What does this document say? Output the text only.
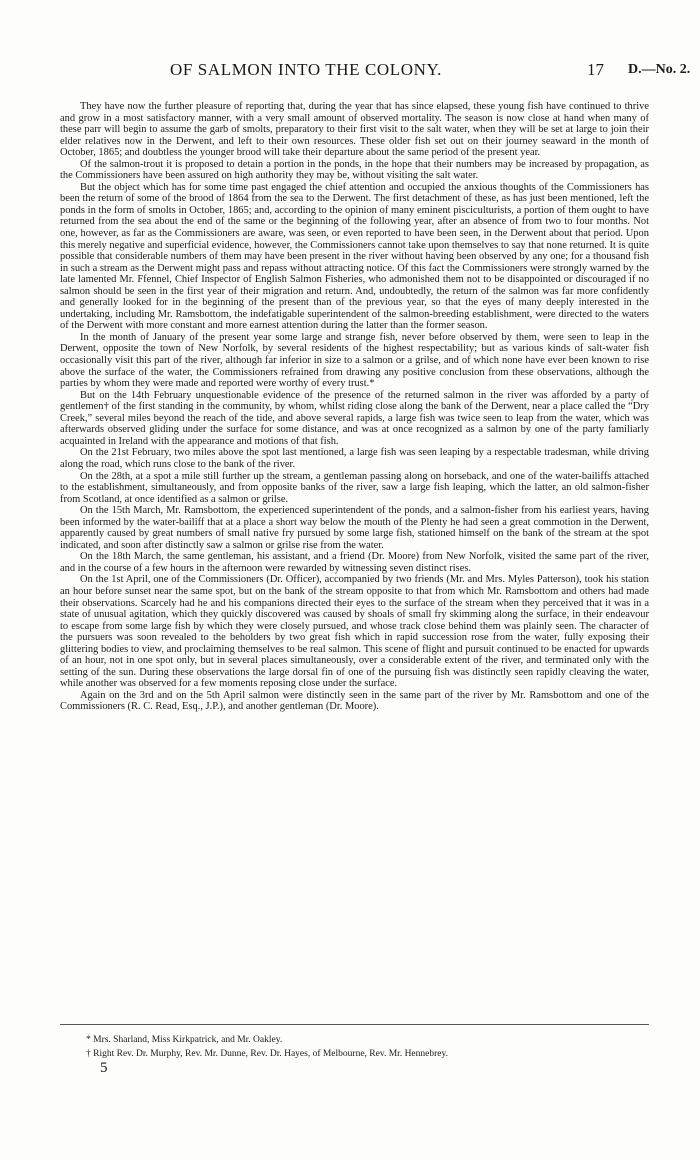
OF SALMON INTO THE COLONY.	17 D.—No. 2.

They have now the further pleasure of reporting that, during the year that has since elapsed, these young fish have continued to thrive and grow in a most satisfactory manner, with a very small amount of observed mortality. The season is now close at hand when many of these parr will begin to assume the garb of smolts, preparatory to their first visit to the salt water, when they will be set at large to join their elder relatives now in the Derwent, and left to their own resources. These older fish set out on their journey seaward in the month of October, 1865; and doubtless the younger brood will take their departure about the same period of the present year.

Of the salmon-trout it is proposed to detain a portion in the ponds, in the hope that their numbers may be increased by propagation, as the Commissioners have been assured on high authority they may be, without visiting the salt water.

But the object which has for some time past engaged the chief attention and occupied the anxious thoughts of the Commissioners has been the return of some of the brood of 1864 from the sea to the Derwent. The first detachment of these, as has just been mentioned, left the ponds in the form of smolts in October, 1865; and, according to the opinion of many eminent pisciculturists, a portion of them ought to have returned from the sea about the end of the same or the beginning of the following year, after an absence of from two to four months. Not one, however, as far as the Commissioners are aware, was seen, or even reported to have been seen, in the Derwent about that period. Upon this merely negative and superficial evidence, however, the Commissioners cannot take upon themselves to say that none returned. It is quite possible that considerable numbers of them may have been present in the river without having been observed by any one; for a thousand fish in such a stream as the Derwent might pass and repass without attracting notice. Of this fact the Commissioners were strongly warned by the late lamented Mr. Ffennel, Chief Inspector of English Salmon Fisheries, who admonished them not to be disappointed or discouraged if no salmon should be seen in the first year of their migration and return. And, undoubtedly, the return of the salmon was far more confidently and generally looked for in the beginning of the present than of the previous year, so that the eyes of many deeply interested in the undertaking, including Mr. Ramsbottom, the indefatigable superintendent of the salmon-breeding establishment, were directed to the waters of the Derwent with more constant and more earnest attention during the latter than the former season.

In the month of January of the present year some large and strange fish, never before observed by them, were seen to leap in the Derwent, opposite the town of New Norfolk, by several residents of the highest respectability; but as various kinds of salt-water fish occasionally visit this part of the river, although far inferior in size to a salmon or a grilse, and of which none have ever been known to rise above the surface of the water, the Commissioners refrained from drawing any positive conclusion from these observations, although the parties by whom they were made and reported were worthy of every trust.*

But on the 14th February unquestionable evidence of the presence of the returned salmon in the river was afforded by a party of gentlemen† of the first standing in the community, by whom, whilst riding close along the bank of the Derwent, near a place called the “Dry Creek,” several miles beyond the reach of the tide, and above several rapids, a large fish was twice seen to leap from the water, which was afterwards observed gliding under the surface for some distance, and was at once recognized as a salmon by one of the party familiarly acquainted in Ireland with the appearance and motions of that fish.

On the 21st February, two miles above the spot last mentioned, a large fish was seen leaping by a respectable tradesman, while driving along the road, which runs close to the bank of the river.

On the 28th, at a spot a mile still further up the stream, a gentleman passing along on horseback, and one of the water-bailiffs attached to the establishment, simultaneously, and from opposite banks of the river, saw a large fish leaping, which the latter, an old salmon-fisher from Scotland, at once identified as a salmon or grilse.

On the 15th March, Mr. Ramsbottom, the experienced superintendent of the ponds, and a salmon-fisher from his earliest years, having been informed by the water-bailiff that at a place a short way below the mouth of the Plenty he had seen a great commotion in the Derwent, apparently caused by great numbers of small native fry pursued by some large fish, stationed himself on the bank of the stream at the spot indicated, and soon after distinctly saw a salmon or grilse rise from the water.

On the 18th March, the same gentleman, his assistant, and a friend (Dr. Moore) from New Norfolk, visited the same part of the river, and in the course of a few hours in the afternoon were rewarded by witnessing seven distinct rises.

On the 1st April, one of the Commissioners (Dr. Officer), accompanied by two friends (Mr. and Mrs. Myles Patterson), took his station an hour before sunset near the same spot, but on the bank of the stream opposite to that from which Mr. Ramsbottom and others had made their observations. Scarcely had he and his companions directed their eyes to the surface of the stream when they perceived that it was in a state of unusual agitation, which they quickly discovered was caused by shoals of small fry skimming along the surface, in their endeavour to escape from some large fish by which they were closely pursued, and whose track close behind them was plainly seen. The character of the pursuers was soon revealed to the beholders by two great fish which in rapid succession rose from the water, fully exposing their glittering bodies to view, and proclaiming themselves to be real salmon. This scene of flight and pursuit continued to be enacted for upwards of an hour, not in one spot only, but in several places simultaneously, over a considerable extent of the river, and terminated only with the setting of the sun. During these observations the large dorsal fin of one of the pursuing fish was distinctly seen rapidly cleaving the water, while another was observed for a few moments reposing close under the surface.

Again on the 3rd and on the 5th April salmon were distinctly seen in the same part of the river by Mr. Ramsbottom and one of the Commissioners (R. C. Read, Esq., J.P.), and another gentleman (Dr. Moore).

* Mrs. Sharland, Miss Kirkpatrick, and Mr. Oakley.
† Right Rev. Dr. Murphy, Rev. Mr. Dunne, Rev. Dr. Hayes, of Melbourne, Rev. Mr. Hennebrey.
5
